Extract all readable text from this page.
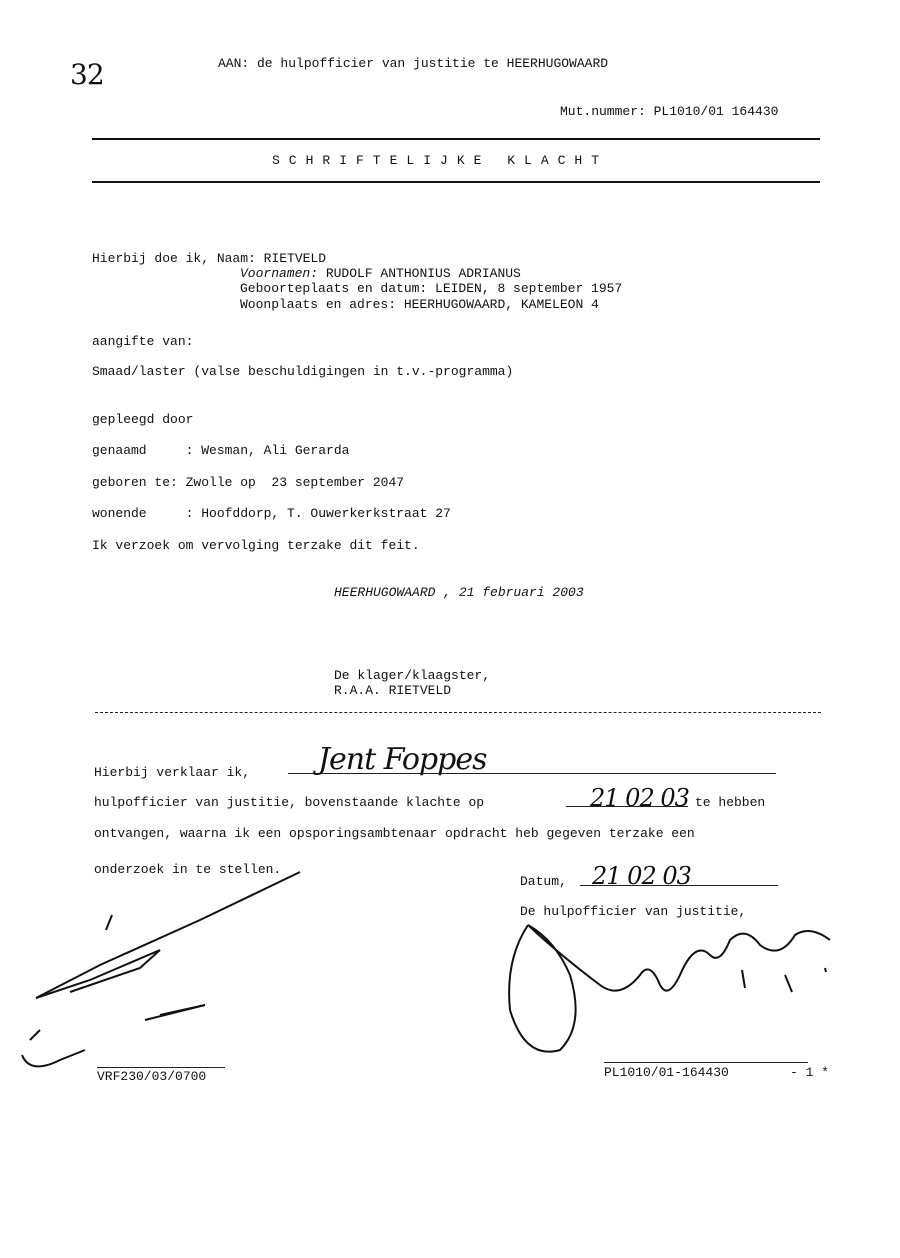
32	AAN: de hulpofficier van justitie te HEERHUGOWAARD
Mut.nummer: PL1010/01 164430
SCHRIFTELIJKE KLACHT
Hierbij doe ik, Naam: RIETVELD
Voornamen: RUDOLF ANTHONIUS ADRIANUS
Geboorteplaats en datum: LEIDEN, 8 september 1957
Woonplaats en adres: HEERHUGOWAARD, KAMELEON 4
aangifte van:
Smaad/laster (valse beschuldigingen in t.v.-programma)
gepleegd door
genaamd     : Wesman, Ali Gerarda
geboren te: Zwolle op  23 september 2047
wonende     : Hoofddorp, T. Ouwerkerkstraat 27
Ik verzoek om vervolging terzake dit feit.
HEERHUGOWAARD , 21 februari 2003
De klager/klaagster,
R.A.A. RIETVELD
Hierbij verklaar ik, Jent Foppes
hulpofficier van justitie, bovenstaande klachte op	21 02 03 te hebben
ontvangen, waarna ik een opsporingsambtenaar opdracht heb gegeven terzake een
onderzoek in te stellen.
Datum, 21 02 03
De hulpofficier van justitie,
VRF230/03/0700	PL1010/01-164430	- 1 *
